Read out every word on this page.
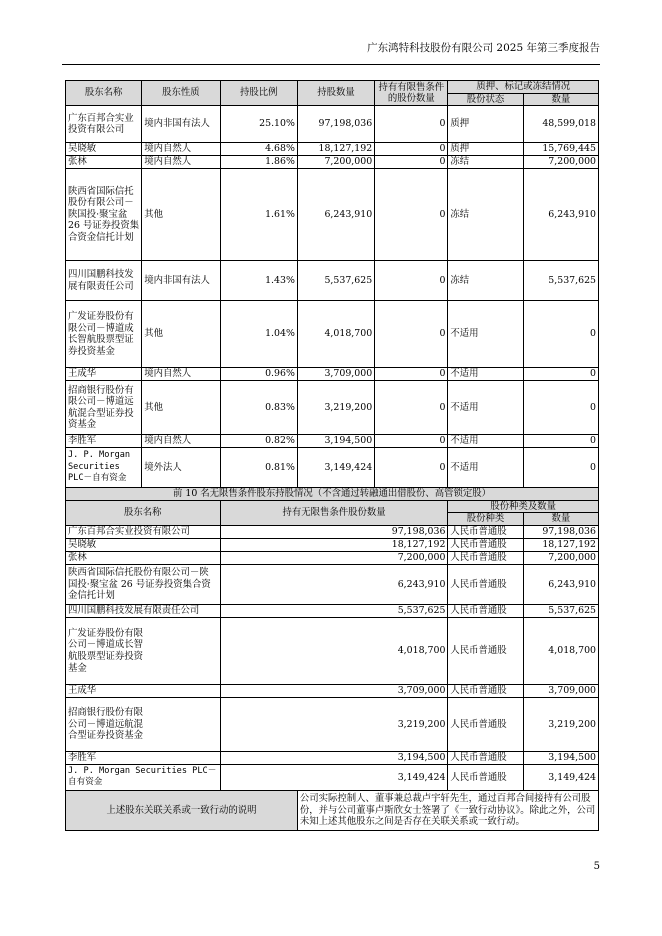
广东鸿特科技股份有限公司 2025 年第三季度报告
股东名称	股东性质	持股比例	持股数量	持有有限售条件的股份数量	质押、标记或冻结情况	
					股份状态	数量
广东百邦合实业投资有限公司	境内非国有法人	25.10%	97,198,036	0	质押	48,599,018
吴晓敏	境内自然人	4.68%	18,127,192	0	质押	15,769,445
张林	境内自然人	1.86%	7,200,000	0	冻结	7,200,000
陕西省国际信托股份有限公司－陕国投·聚宝盆 26 号证券投资集合资金信托计划	其他	1.61%	6,243,910	0	冻结	6,243,910
四川国鹏科技发展有限责任公司	境内非国有法人	1.43%	5,537,625	0	冻结	5,537,625
广发证券股份有限公司－博道成长智航股票型证券投资基金	其他	1.04%	4,018,700	0	不适用	0
王成华	境内自然人	0.96%	3,709,000	0	不适用	0
招商银行股份有限公司－博道远航混合型证券投资基金	其他	0.83%	3,219,200	0	不适用	0
李胜军	境内自然人	0.82%	3,194,500	0	不适用	0
J. P. Morgan Securities PLC－自有资金	境外法人	0.81%	3,149,424	0	不适用	0
前 10 名无限售条件股东持股情况（不含通过转融通出借股份、高管锁定股）						
股东名称		持有无限售条件股份数量			股份种类及数量	
					股份种类	数量
广东百邦合实业投资有限公司		97,198,036			人民币普通股	97,198,036
吴晓敏		18,127,192			人民币普通股	18,127,192
张林		7,200,000			人民币普通股	7,200,000
陕西省国际信托股份有限公司－陕国投·聚宝盆 26 号证券投资集合资金信托计划		6,243,910			人民币普通股	6,243,910
四川国鹏科技发展有限责任公司		5,537,625			人民币普通股	5,537,625
广发证券股份有限公司－博道成长智航股票型证券投资基金		4,018,700			人民币普通股	4,018,700
王成华		3,709,000			人民币普通股	3,709,000
招商银行股份有限公司－博道远航混合型证券投资基金		3,219,200			人民币普通股	3,219,200
李胜军		3,194,500			人民币普通股	3,194,500
J. P. Morgan Securities PLC－自有资金		3,149,424			人民币普通股	3,149,424
上述股东关联关系或一致行动的说明			公司实际控制人、董事兼总裁卢宇轩先生，通过百邦合间接持有公司股份，并与公司董事卢斯欣女士签署了《一致行动协议》。除此之外，公司未知上述其他股东之间是否存在关联关系或一致行动。			
5
